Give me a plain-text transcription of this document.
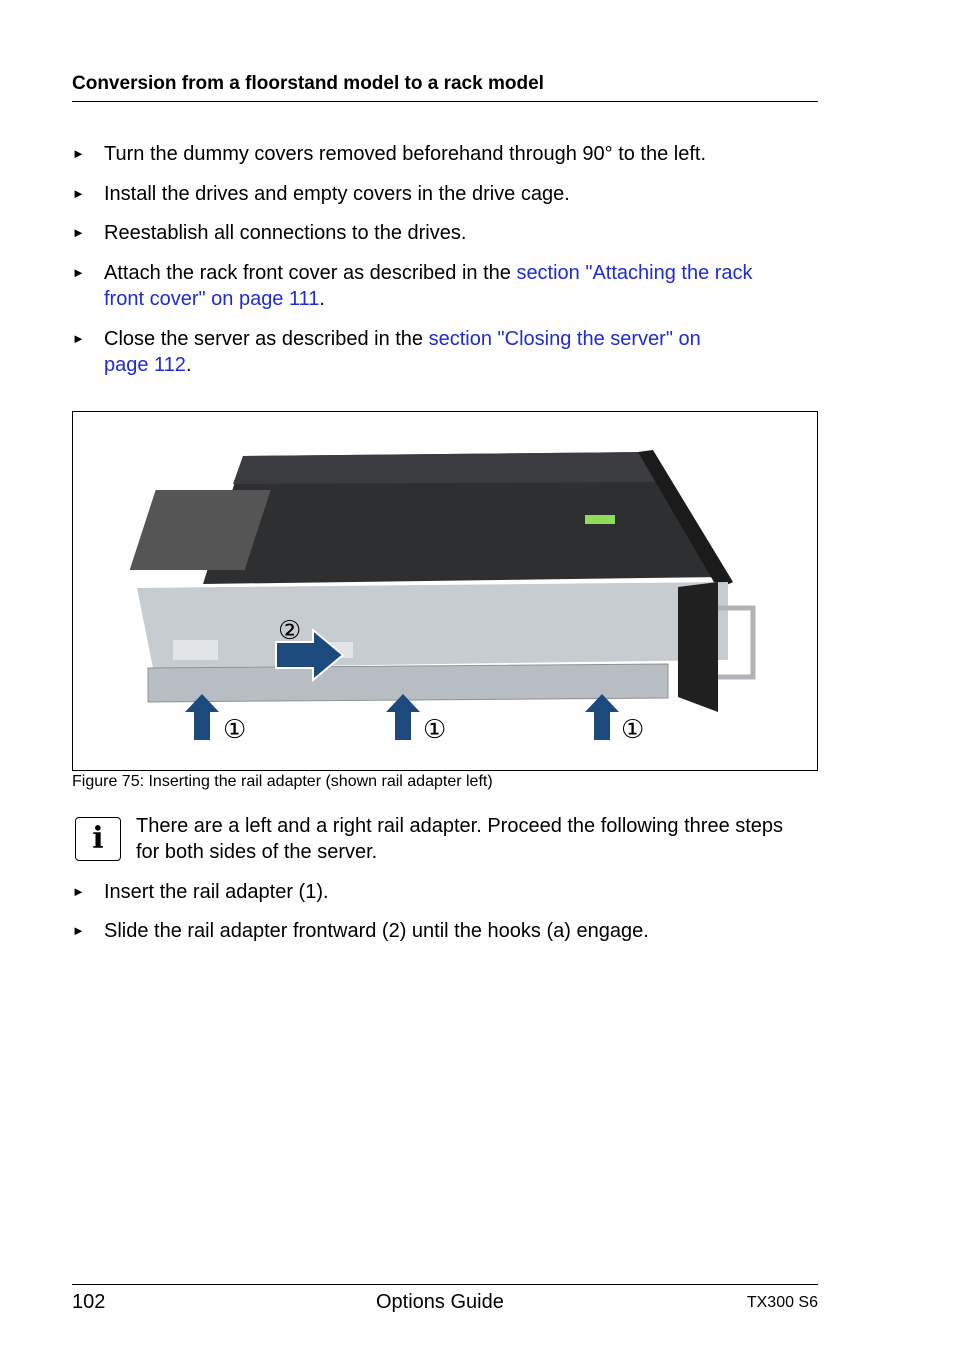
Conversion from a floorstand model to a rack model
► Turn the dummy covers removed beforehand through 90° to the left.
► Install the drives and empty covers in the drive cage.
► Reestablish all connections to the drives.
► Attach the rack front cover as described in the section "Attaching the rack
front cover" on page 111.
► Close the server as described in the section "Closing the server" on
page 112.
②
①	①	①
Figure 75: Inserting the rail adapter (shown rail adapter left)
i	There are a left and a right rail adapter. Proceed the following three steps
for both sides of the server.
► Insert the rail adapter (1).
► Slide the rail adapter frontward (2) until the hooks (a) engage.
102	Options Guide	TX300 S6
